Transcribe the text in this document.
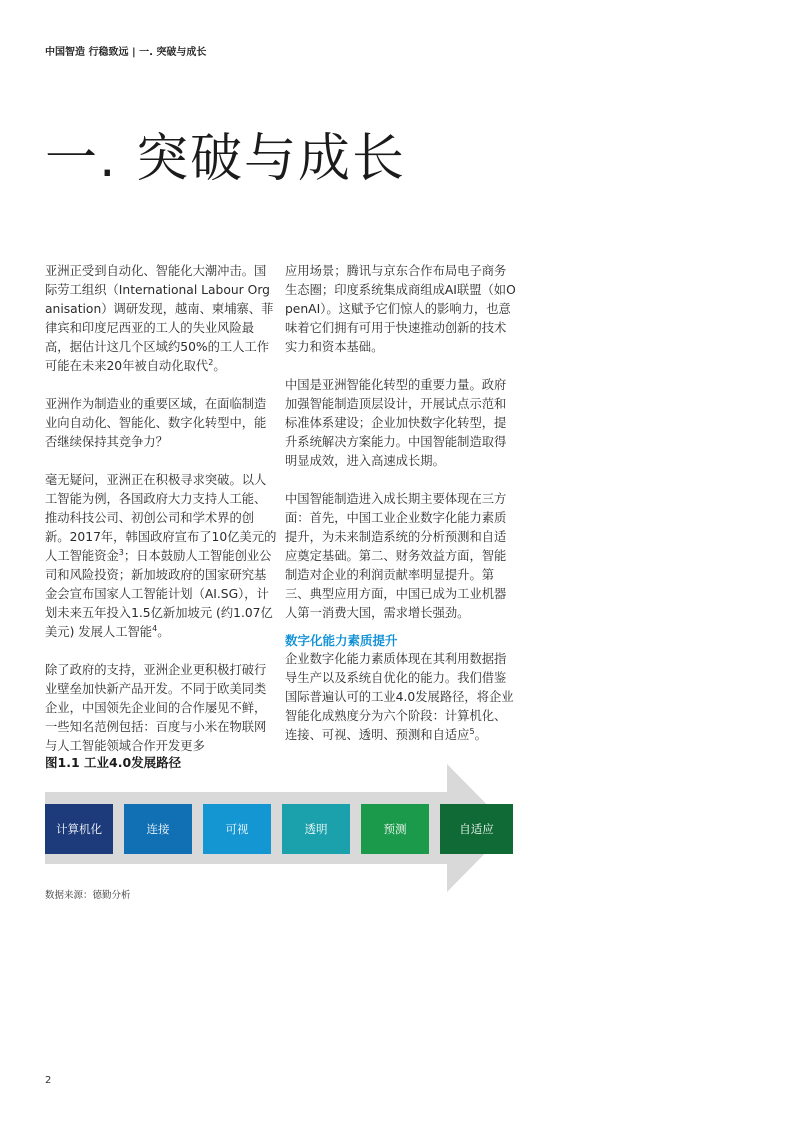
中国智造 行稳致远 | 一. 突破与成长
一. 突破与成长

亚洲正受到自动化、智能化大潮冲击。国际劳工组织（International Labour Organisation）调研发现，越南、柬埔寨、菲律宾和印度尼西亚的工人的失业风险最高，据估计这几个区域约50%的工人工作可能在未来20年被自动化取代$^2$。

亚洲作为制造业的重要区域，在面临制造业向自动化、智能化、数字化转型中，能否继续保持其竞争力？

毫无疑问，亚洲正在积极寻求突破。以人工智能为例，各国政府大力支持人工能、推动科技公司、初创公司和学术界的创新。2017年，韩国政府宣布了10亿美元的人工智能资金$^3$；日本鼓励人工智能创业公司和风险投资；新加坡政府的国家研究基金会宣布国家人工智能计划（AI.SG），计划未来五年投入1.5亿新加坡元 (约1.07亿美元) 发展人工智能$^4$。

除了政府的支持，亚洲企业更积极打破行业壁垒加快新产品开发。不同于欧美同类企业，中国领先企业间的合作屡见不鲜，一些知名范例包括：百度与小米在物联网与人工智能领域合作开发更多

应用场景；腾讯与京东合作布局电子商务生态圈；印度系统集成商组成AI联盟（如OpenAI）。这赋予它们惊人的影响力，也意味着它们拥有可用于快速推动创新的技术实力和资本基础。

中国是亚洲智能化转型的重要力量。政府加强智能制造顶层设计，开展试点示范和标准体系建设；企业加快数字化转型，提升系统解决方案能力。中国智能制造取得明显成效，进入高速成长期。

中国智能制造进入成长期主要体现在三方面：首先，中国工业企业数字化能力素质提升，为未来制造系统的分析预测和自适应奠定基础。第二、财务效益方面，智能制造对企业的利润贡献率明显提升。第三、典型应用方面，中国已成为工业机器人第一消费大国，需求增长强劲。

数字化能力素质提升

企业数字化能力素质体现在其利用数据指导生产以及系统自优化的能力。我们借鉴国际普遍认可的工业4.0发展路径，将企业智能化成熟度分为六个阶段：计算机化、连接、可视、透明、预测和自适应$^5$。

图1.1 工业4.0发展路径
计算机化	连接	可视	透明	预测	自适应
数据来源：德勤分析
2
